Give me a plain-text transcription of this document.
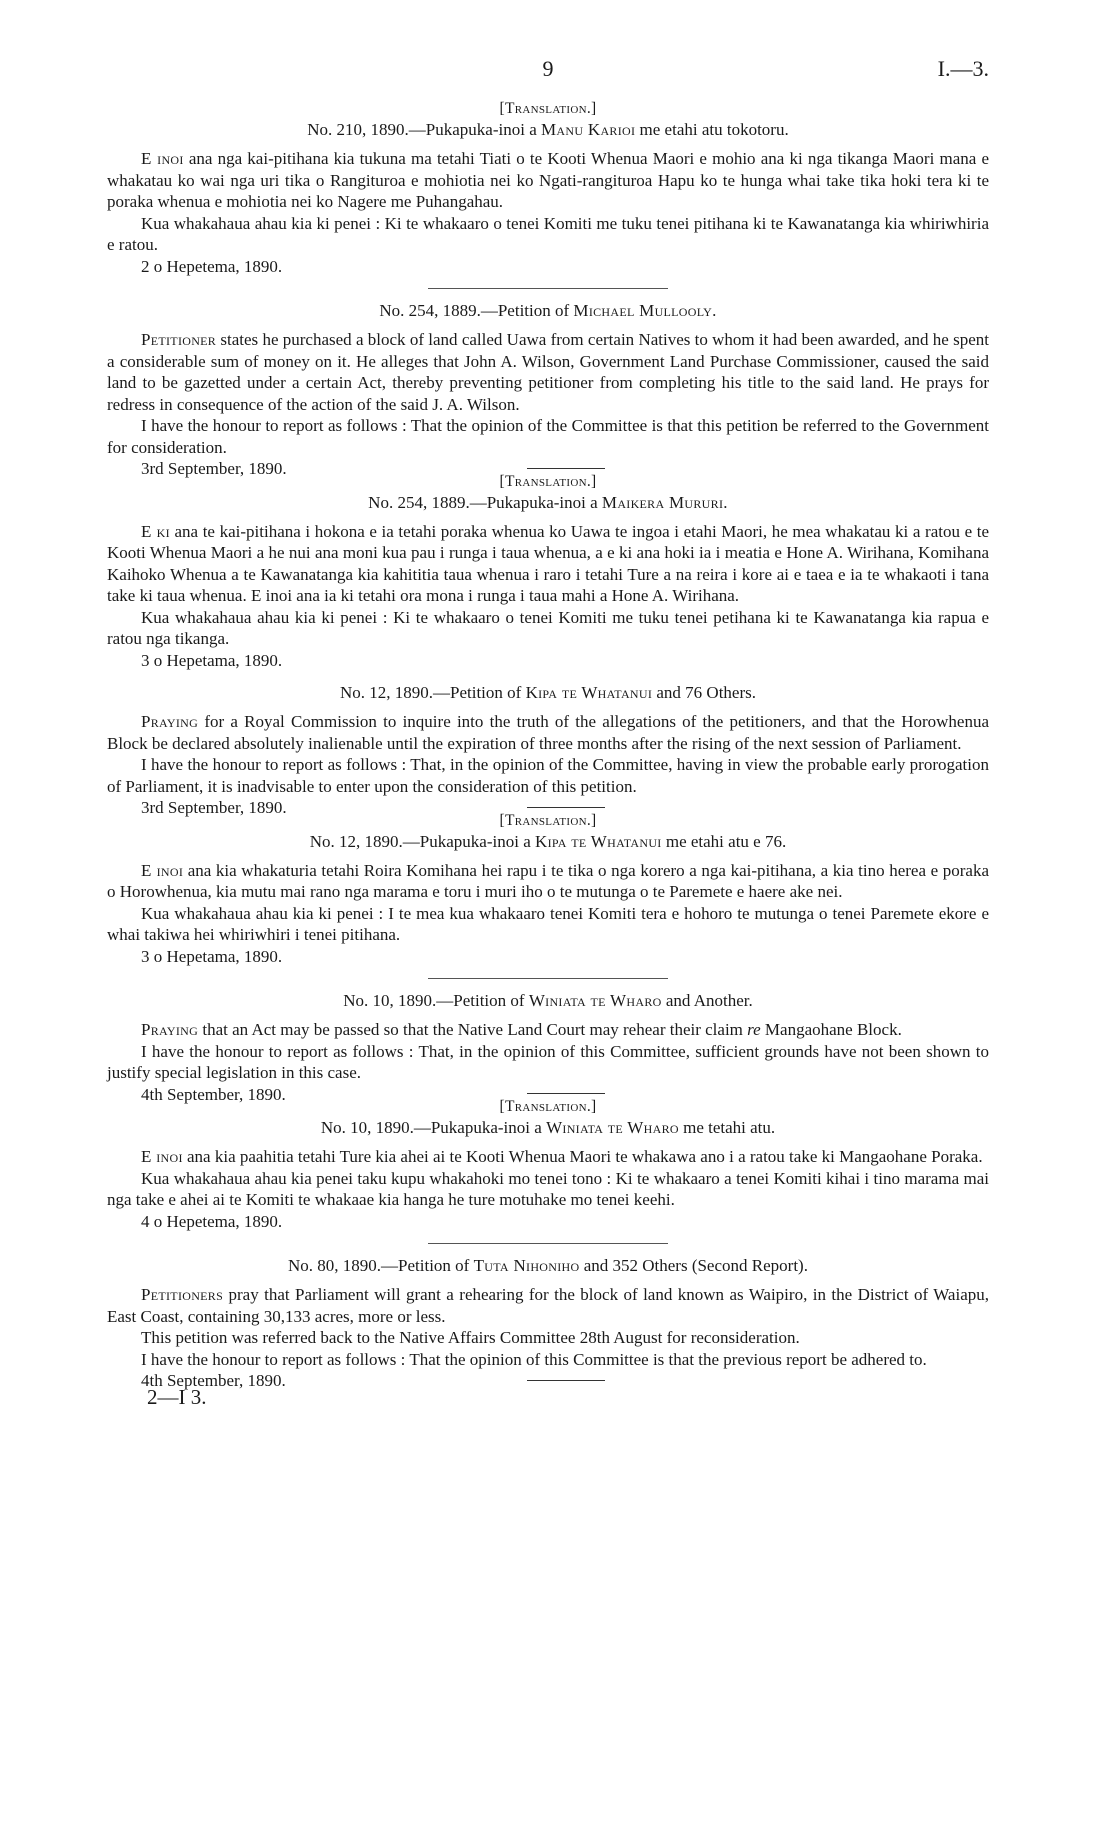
9	I.—3.
[Translation.]
No. 210, 1890.—Pukapuka-inoi a Manu Karioi me etahi atu tokotoru.

E inoi ana nga kai-pitihana kia tukuna ma tetahi Tiati o te Kooti Whenua Maori e mohio ana ki nga tikanga Maori mana e whakatau ko wai nga uri tika o Rangituroa e mohiotia nei ko Ngati-rangituroa Hapu ko te hunga whai take tika hoki tera ki te poraka whenua e mohiotia nei ko Nagere me Puhangahau.

Kua whakahaua ahau kia ki penei : Ki te whakaaro o tenei Komiti me tuku tenei pitihana ki te Kawanatanga kia whiriwhiria e ratou.

2 o Hepetema, 1890.
No. 254, 1889.—Petition of Michael Mullooly.

Petitioner states he purchased a block of land called Uawa from certain Natives to whom it had been awarded, and he spent a considerable sum of money on it. He alleges that John A. Wilson, Government Land Purchase Commissioner, caused the said land to be gazetted under a certain Act, thereby preventing petitioner from completing his title to the said land. He prays for redress in consequence of the action of the said J. A. Wilson.

I have the honour to report as follows : That the opinion of the Committee is that this petition be referred to the Government for consideration.

3rd September, 1890.
[Translation.]
No. 254, 1889.—Pukapuka-inoi a Maikera Mururi.

E ki ana te kai-pitihana i hokona e ia tetahi poraka whenua ko Uawa te ingoa i etahi Maori, he mea whakatau ki a ratou e te Kooti Whenua Maori a he nui ana moni kua pau i runga i taua whenua, a e ki ana hoki ia i meatia e Hone A. Wirihana, Komihana Kaihoko Whenua a te Kawanatanga kia kahititia taua whenua i raro i tetahi Ture a na reira i kore ai e taea e ia te whakaoti i tana take ki taua whenua. E inoi ana ia ki tetahi ora mona i runga i taua mahi a Hone A. Wirihana.

Kua whakahaua ahau kia ki penei : Ki te whakaaro o tenei Komiti me tuku tenei petihana ki te Kawanatanga kia rapua e ratou nga tikanga.

3 o Hepetama, 1890.
No. 12, 1890.—Petition of Kipa te Whatanui and 76 Others.

Praying for a Royal Commission to inquire into the truth of the allegations of the petitioners, and that the Horowhenua Block be declared absolutely inalienable until the expiration of three months after the rising of the next session of Parliament.

I have the honour to report as follows : That, in the opinion of the Committee, having in view the probable early prorogation of Parliament, it is inadvisable to enter upon the consideration of this petition.

3rd September, 1890.
[Translation.]
No. 12, 1890.—Pukapuka-inoi a Kipa te Whatanui me etahi atu e 76.

E inoi ana kia whakaturia tetahi Roira Komihana hei rapu i te tika o nga korero a nga kai-pitihana, a kia tino herea e poraka o Horowhenua, kia mutu mai rano nga marama e toru i muri iho o te mutunga o te Paremete e haere ake nei.

Kua whakahaua ahau kia ki penei : I te mea kua whakaaro tenei Komiti tera e hohoro te mutunga o tenei Paremete ekore e whai takiwa hei whiriwhiri i tenei pitihana.

3 o Hepetama, 1890.
No. 10, 1890.—Petition of Winiata te Wharo and Another.

Praying that an Act may be passed so that the Native Land Court may rehear their claim re Mangaohane Block.

I have the honour to report as follows : That, in the opinion of this Committee, sufficient grounds have not been shown to justify special legislation in this case.

4th September, 1890.
[Translation.]
No. 10, 1890.—Pukapuka-inoi a Winiata te Wharo me tetahi atu.

E inoi ana kia paahitia tetahi Ture kia ahei ai te Kooti Whenua Maori te whakawa ano i a ratou take ki Mangaohane Poraka.

Kua whakahaua ahau kia penei taku kupu whakahoki mo tenei tono : Ki te whakaaro a tenei Komiti kihai i tino marama mai nga take e ahei ai te Komiti te whakaae kia hanga he ture motuhake mo tenei keehi.

4 o Hepetema, 1890.
No. 80, 1890.—Petition of Tuta Nihoniho and 352 Others (Second Report).

Petitioners pray that Parliament will grant a rehearing for the block of land known as Waipiro, in the District of Waiapu, East Coast, containing 30,133 acres, more or less.

This petition was referred back to the Native Affairs Committee 28th August for reconsideration.

I have the honour to report as follows : That the opinion of this Committee is that the previous report be adhered to.

4th September, 1890.
2—I 3.
